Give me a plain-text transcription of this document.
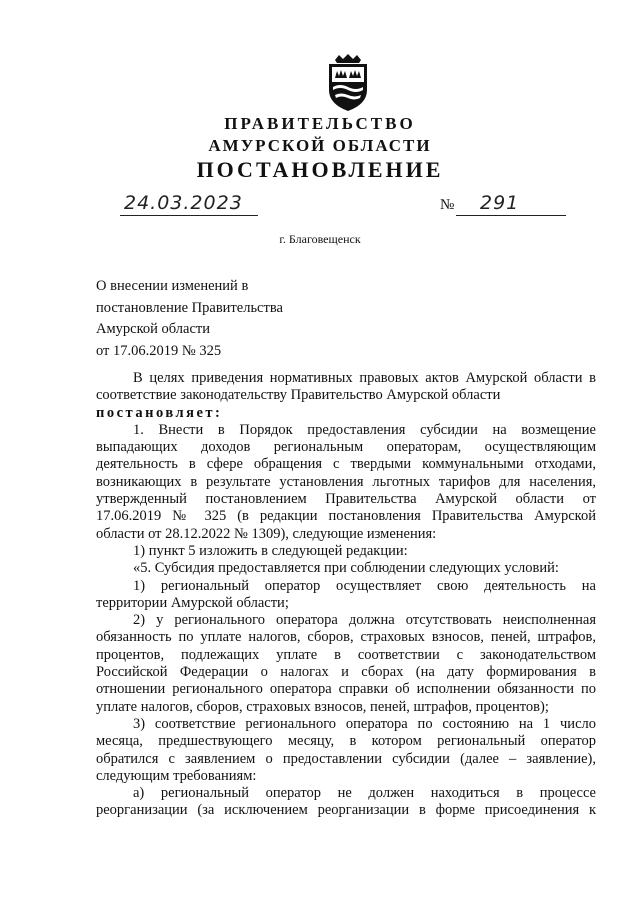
ПРАВИТЕЛЬСТВО
АМУРСКОЙ ОБЛАСТИ
ПОСТАНОВЛЕНИЕ
24.03.2023	№ 291
г. Благовещенск
О внесении изменений в
постановление Правительства
Амурской области
от 17.06.2019 № 325
В целях приведения нормативных правовых актов Амурской области в
соответствие законодательству Правительство Амурской области
постановляет:
1. Внести в Порядок предоставления субсидии на возмещение
выпадающих доходов региональным операторам, осуществляющим
деятельность в сфере обращения с твердыми коммунальными отходами,
возникающих в результате установления льготных тарифов для населения,
утвержденный постановлением Правительства Амурской области от
17.06.2019 № 325 (в редакции постановления Правительства Амурской
области от 28.12.2022 № 1309), следующие изменения:
1) пункт 5 изложить в следующей редакции:
«5. Субсидия предоставляется при соблюдении следующих условий:
1) региональный оператор осуществляет свою деятельность на
территории Амурской области;
2) у регионального оператора должна отсутствовать неисполненная
обязанность по уплате налогов, сборов, страховых взносов, пеней, штрафов,
процентов, подлежащих уплате в соответствии с законодательством
Российской Федерации о налогах и сборах (на дату формирования в
отношении регионального оператора справки об исполнении обязанности по
уплате налогов, сборов, страховых взносов, пеней, штрафов, процентов);
3) соответствие регионального оператора по состоянию на 1 число
месяца, предшествующего месяцу, в котором региональный оператор
обратился с заявлением о предоставлении субсидии (далее – заявление),
следующим требованиям:
а) региональный оператор не должен находиться в процессе
реорганизации (за исключением реорганизации в форме присоединения к
